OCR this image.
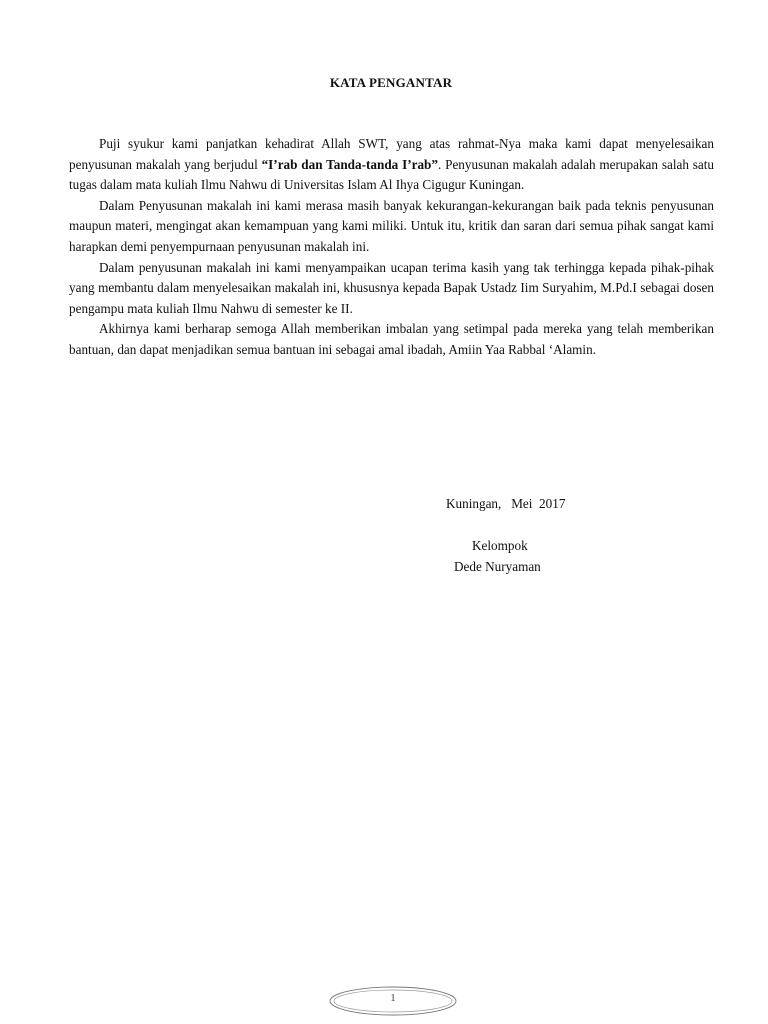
KATA PENGANTAR

Puji syukur kami panjatkan kehadirat Allah SWT, yang atas rahmat-Nya maka kami dapat menyelesaikan penyusunan makalah yang berjudul “I’rab dan Tanda-tanda I’rab”. Penyusunan makalah adalah merupakan salah satu tugas dalam mata kuliah Ilmu Nahwu di Universitas Islam Al Ihya Cigugur Kuningan.

Dalam Penyusunan makalah ini kami merasa masih banyak kekurangan-kekurangan baik pada teknis penyusunan maupun materi, mengingat akan kemampuan yang kami miliki. Untuk itu, kritik dan saran dari semua pihak sangat kami harapkan demi penyempurnaan penyusunan makalah ini.

Dalam penyusunan makalah ini kami menyampaikan ucapan terima kasih yang tak terhingga kepada pihak-pihak yang membantu dalam menyelesaikan makalah ini, khususnya kepada Bapak Ustadz Iim Suryahim, M.Pd.I sebagai dosen pengampu mata kuliah Ilmu Nahwu di semester ke II.

Akhirnya kami berharap semoga Allah memberikan imbalan yang setimpal pada mereka yang telah memberikan bantuan, dan dapat menjadikan semua bantuan ini sebagai amal ibadah, Amiin Yaa Rabbal ‘Alamin.

Kuningan,   Mei  2017
Kelompok
Dede Nuryaman
1
